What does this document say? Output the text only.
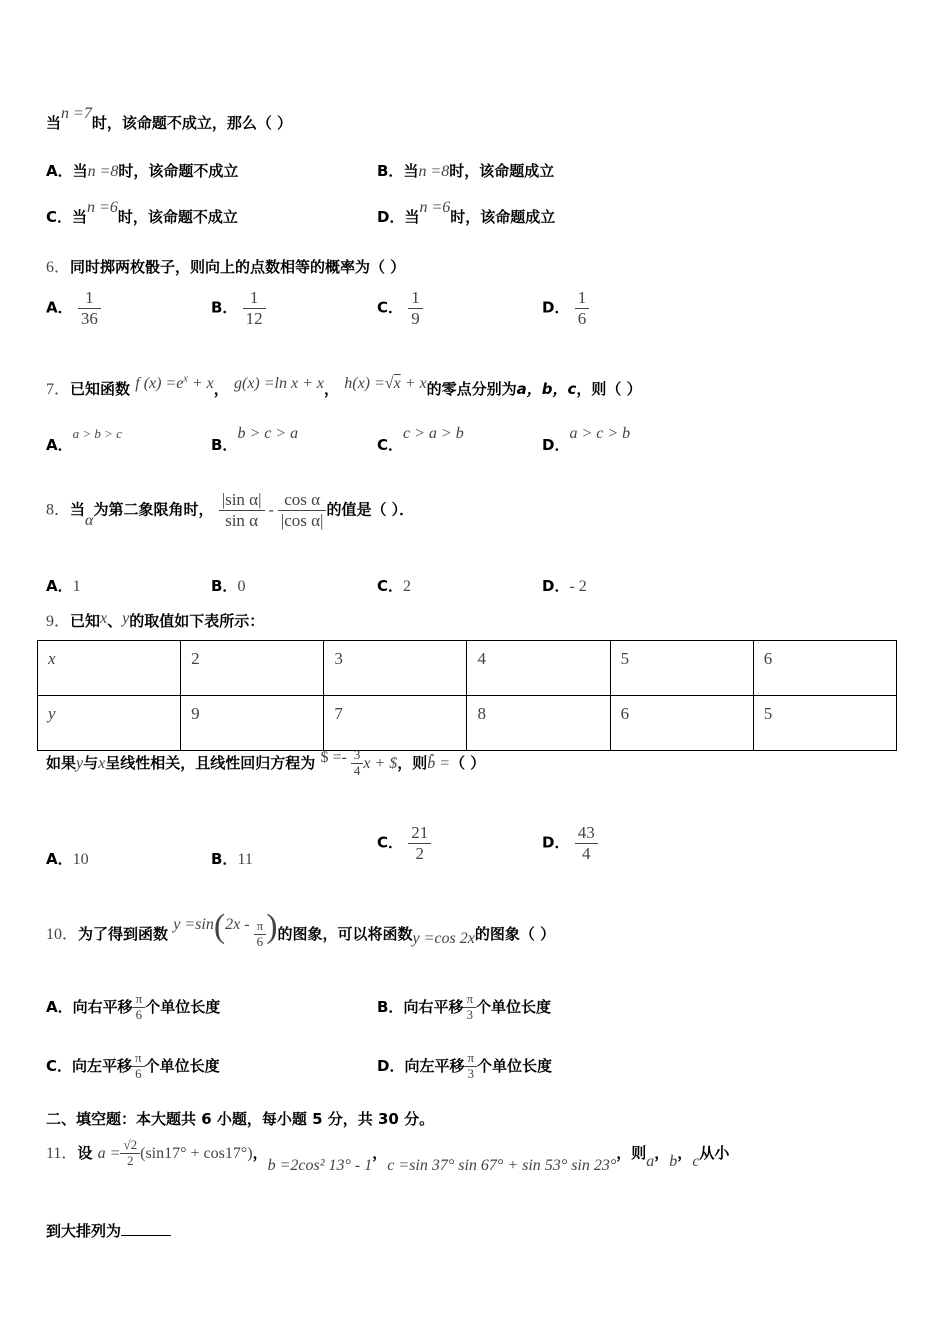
当n =7时，该命题不成立，那么（ ）
A．当n =8时，该命题不成立	B．当n =8时，该命题成立
C．当n =6时，该命题不成立	D．当n =6时，该命题成立
6．同时掷两枚骰子，则向上的点数相等的概率为（ ）
A． $\frac{1}{36}$	B． $\frac{1}{12}$	C． $\frac{1}{9}$	D． $\frac{1}{6}$
7．已知函数 f $(x) =e^x + x$， g(x) =ln x + x， h(x) =√x + x的零点分别为a，b，c，则（ ）
A．a > b > c
B．b > c > a
C．c > a > b
D．a > c > b
8．当α为第二象限角时， $\frac{\text{|sin α|}}{\text{sin α}} - \frac{\text{cos α}}{\text{|cos α|}}$ 的值是（ ）．
A．1	B．0	C．2	D．- 2
9．已知x、y的取值如下表所示：
x	2	3	4	5	6
y	9	7	8	6	5
如果y与x呈线性相关，且线性回归方程为 $ =- $\frac{3}{4}$ x + $，则b̂ =（ ）
A．10	B．11
C． $\frac{21}{2}$	D． $\frac{43}{4}$
10．为了得到函数 $y =\sin(2x - \frac{\pi}{6}$ )的图象，可以将函数y =cos 2x的图象（ ）
A．向右平移 $\frac{\pi}{6}$ 个单位长度	B．向右平移 $\frac{\pi}{3}$ 个单位长度
C．向左平移 $\frac{\pi}{6}$ 个单位长度	D．向左平移 $\frac{\pi}{3}$ 个单位长度
二、填空题：本大题共 6 小题，每小题 5 分，共 30 分。
11．设 $a = \frac{√2}{2} (\sin 17^\circ + \cos 17^\circ)$，b =2cos² 13° - 1，c =sin 37° sin 67° + sin 53° sin 23°，则a，b，c从小
到大排列为
